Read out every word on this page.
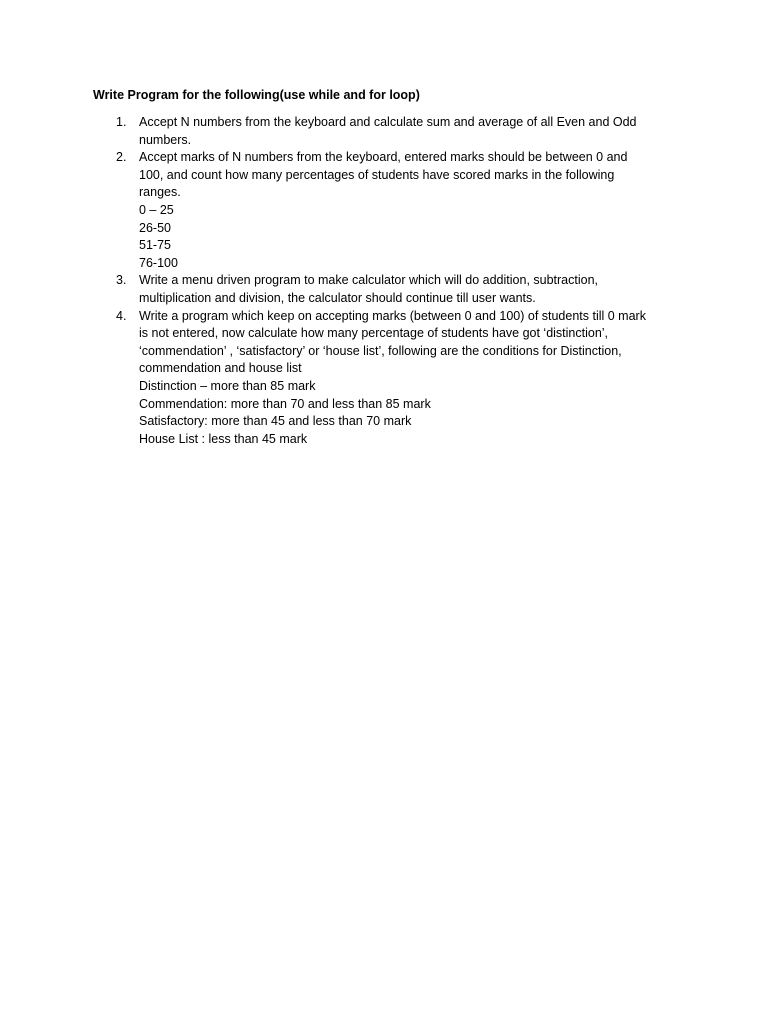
Write Program for the following(use while and for loop)

1. Accept N numbers from the keyboard and calculate sum and average of all Even and Odd
numbers.
2. Accept marks of N numbers from the keyboard, entered marks should be between 0 and
100, and count how many percentages of students have scored marks in the following
ranges.
0 – 25
26-50
51-75
76-100
3. Write a menu driven program to make calculator which will do addition, subtraction,
multiplication and division, the calculator should continue till user wants.
4. Write a program which keep on accepting marks (between 0 and 100) of students till 0 mark
is not entered, now calculate how many percentage of students have got ‘distinction’,
‘commendation’ , ‘satisfactory’ or ‘house list’, following are the conditions for Distinction,
commendation and house list
Distinction – more than 85 mark
Commendation: more than 70 and less than 85 mark
Satisfactory: more than 45 and less than 70 mark
House List : less than 45 mark
